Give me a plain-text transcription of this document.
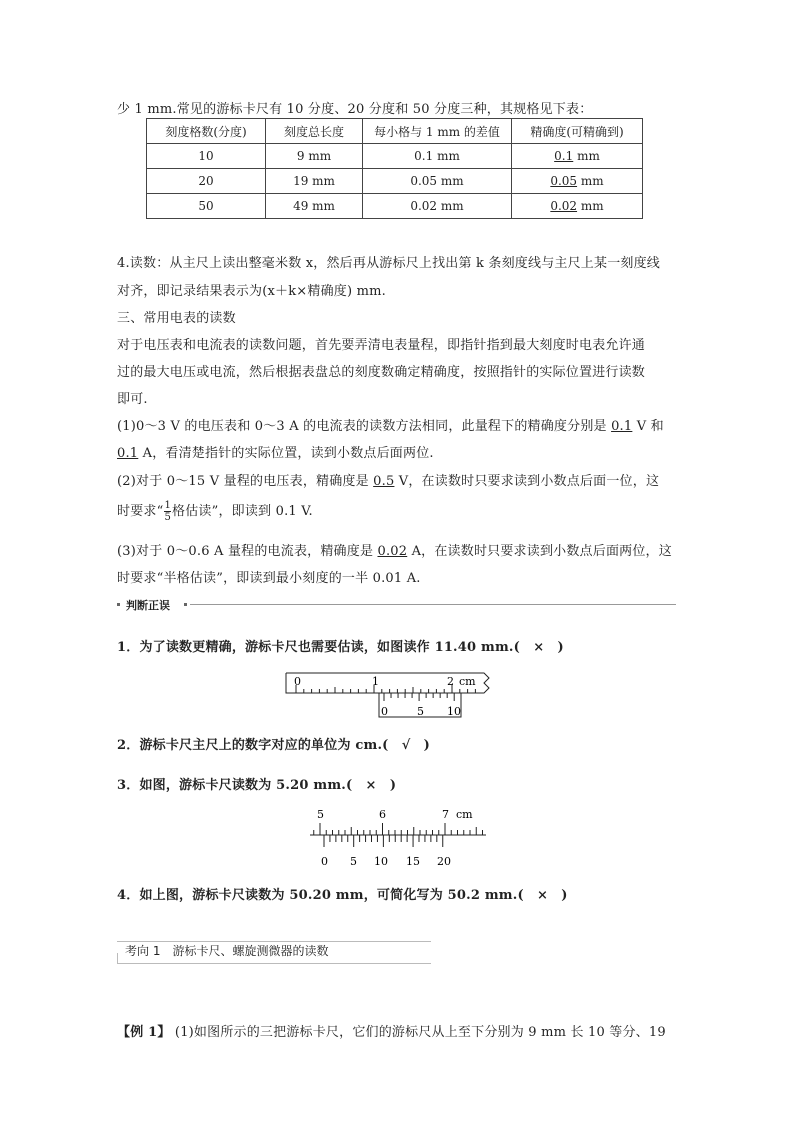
少 1 mm.常见的游标卡尺有 10 分度、20 分度和 50 分度三种，其规格见下表：
刻度格数(分度)	刻度总长度	每小格与 1 mm 的差值	精确度(可精确到)
10	9 mm	0.1 mm	0.1 mm
20	19 mm	0.05 mm	0.05 mm
50	49 mm	0.02 mm	0.02 mm
4.读数：从主尺上读出整毫米数 x，然后再从游标尺上找出第 k 条刻度线与主尺上某一刻度线
对齐，即记录结果表示为(x＋k×精确度) mm.
三、常用电表的读数
对于电压表和电流表的读数问题，首先要弄清电表量程，即指针指到最大刻度时电表允许通
过的最大电压或电流，然后根据表盘总的刻度数确定精确度，按照指针的实际位置进行读数
即可.
(1)0～3 V 的电压表和 0～3 A 的电流表的读数方法相同，此量程下的精确度分别是 0.1 V 和
0.1 A，看清楚指针的实际位置，读到小数点后面两位.
(2)对于 0～15 V 量程的电压表，精确度是 0.5 V，在读数时只要求读到小数点后面一位，这
时要求“ $\frac{1}{5}$ 格估读”，即读到 0.1 V.
(3)对于 0～0.6 A 量程的电流表，精确度是 0.02 A，在读数时只要求读到小数点后面两位，这
时要求“半格估读”，即读到最小刻度的一半 0.01 A.
判断正误
1．为了读数更精确，游标卡尺也需要估读，如图读作 11.40 mm.(　×　)
0	1	2 cm
0	5 10
2．游标卡尺主尺上的数字对应的单位为 cm.(　√　)
3．如图，游标卡尺读数为 5.20 mm.(　×　)
5	6	7 cm
0 5 10 15 20
4．如上图，游标卡尺读数为 50.20 mm，可简化写为 50.2 mm.(　×　)
考向 1　 游标卡尺、螺旋测微器的读数
【例 1】 (1)如图所示的三把游标卡尺，它们的游标尺从上至下分别为 9 mm 长 10 等分、19
